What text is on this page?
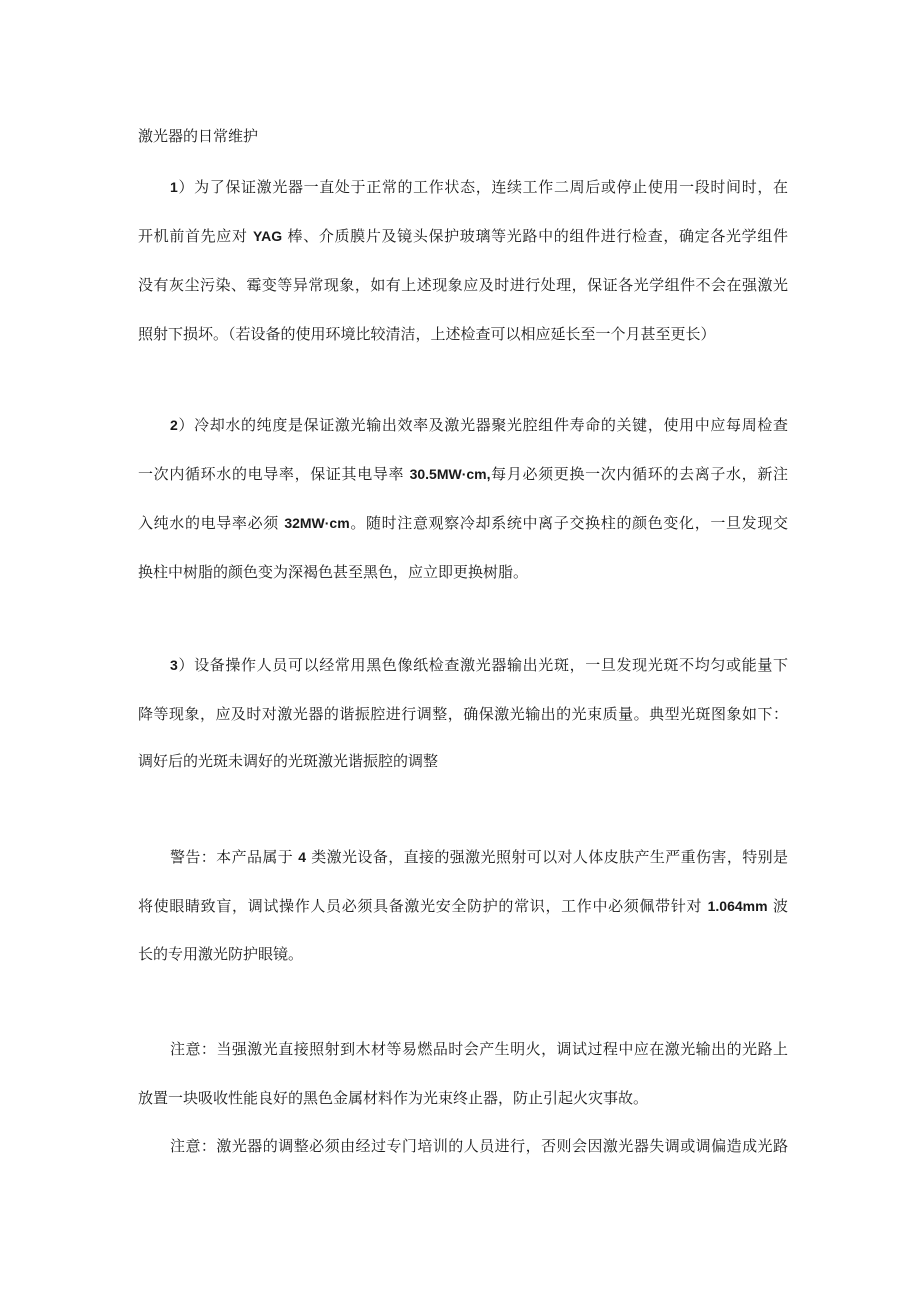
激光器的日常维护
1）为了保证激光器一直处于正常的工作状态，连续工作二周后或停止使用一段时间时，在
开机前首先应对 YAG 棒、介质膜片及镜头保护玻璃等光路中的组件进行检查，确定各光学组件
没有灰尘污染、霉变等异常现象，如有上述现象应及时进行处理，保证各光学组件不会在强激光
照射下损坏。（若设备的使用环境比较清洁，上述检查可以相应延长至一个月甚至更长）
2）冷却水的纯度是保证激光输出效率及激光器聚光腔组件寿命的关键，使用中应每周检查
一次内循环水的电导率，保证其电导率 30.5MW·cm,每月必须更换一次内循环的去离子水，新注
入纯水的电导率必须 32MW·cm。随时注意观察冷却系统中离子交换柱的颜色变化，一旦发现交
换柱中树脂的颜色变为深褐色甚至黑色，应立即更换树脂。
3）设备操作人员可以经常用黑色像纸检查激光器输出光斑，一旦发现光斑不均匀或能量下
降等现象，应及时对激光器的谐振腔进行调整，确保激光输出的光束质量。典型光斑图象如下：
调好后的光斑未调好的光斑激光谐振腔的调整
警告：本产品属于 4 类激光设备，直接的强激光照射可以对人体皮肤产生严重伤害，特别是
将使眼睛致盲，调试操作人员必须具备激光安全防护的常识，工作中必须佩带针对 1.064mm 波
长的专用激光防护眼镜。
注意：当强激光直接照射到木材等易燃品时会产生明火，调试过程中应在激光输出的光路上
放置一块吸收性能良好的黑色金属材料作为光束终止器，防止引起火灾事故。
注意：激光器的调整必须由经过专门培训的人员进行，否则会因激光器失调或调偏造成光路
